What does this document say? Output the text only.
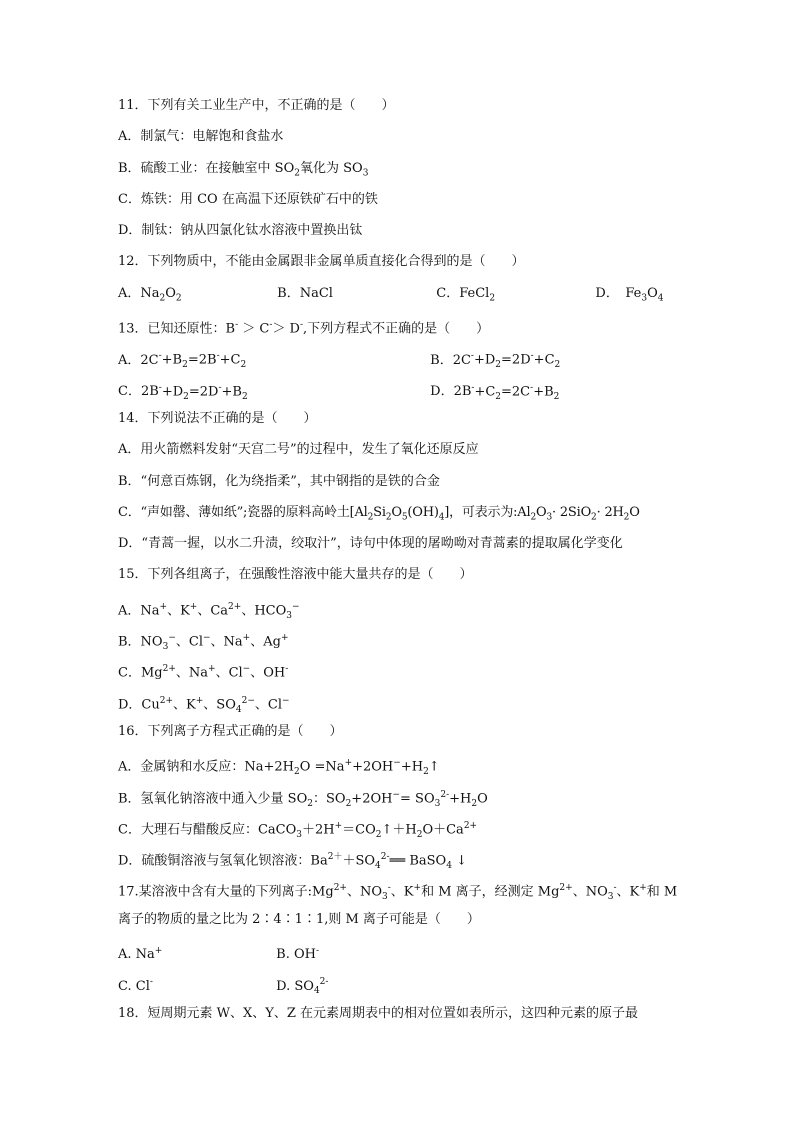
11．下列有关工业生产中，不正确的是（　　）
A．制氯气：电解饱和食盐水
B．硫酸工业：在接触室中 $SO_2$氧化为 $SO_3$
C．炼铁：用 CO 在高温下还原铁矿石中的铁
D．制钛：钠从四氯化钛水溶液中置换出钛
12．下列物质中，不能由金属跟非金属单质直接化合得到的是（　　）
A．$Na_2O_2$	B．NaCl	C．FeCl$_2$	D．　$Fe_3O_4$
13．已知还原性：B- ＞ C-＞ D-,下列方程式不正确的是（　　）
A．$2C^-+B_2=2B^-+C_2$	B．$2C^-+D_2=2D^-+C_2$
C．$2B^-+D_2=2D^-+B_2$	D．$2B^-+C_2=2C^-+B_2$
14．下列说法不正确的是（　　）
A．用火箭燃料发射“天宫二号”的过程中，发生了氧化还原反应
B．“何意百炼钢，化为绕指柔”，其中钢指的是铁的合金
C．“声如罄、薄如纸”;瓷器的原料高岭土$[Al_2Si_2O_5(OH)_4]$，可表示为$:Al_2O_3\cdot 2SiO_2\cdot 2H_2O$
D．“青蒿一握，以水二升渍，绞取汁”，诗句中体现的屠呦呦对青蒿素的提取属化学变化
15．下列各组离子，在强酸性溶液中能大量共存的是（　　）
A．Na+、K+、$Ca^{2+}$、$HCO_3^-$
B．$NO_3^-$、Cl−、Na+、Ag+
C．$Mg^{2+}$、Na+、Cl−、OH-
D．$Cu^{2+}$、K+、$SO_4^{2-}$、Cl−
16．下列离子方程式正确的是（　　）
A．金属钠和水反应：$Na+2H_2O$ $=Na^++2OH^-+H_2↑$
B．氢氧化钠溶液中通入少量 $SO_2$：$SO_2+2OH^-= SO_3^{2-}+H_2O$
C．大理石与醋酸反应：$CaCO_3+2H^+=CO_2↑+H_2O+Ca^{2+}$
D．硫酸铜溶液与氢氧化钡溶液：$Ba^{2+}+SO_4^{2-}══$ BaSO$_4$ ↓
17.某溶液中含有大量的下列离子$:Mg^{2+}$、$NO_3^-$、K+和 M 离子，经测定 $Mg^{2+}$、$NO_3^-$、K+和 M
离子的物质的量之比为 2∶4∶1∶1,则 M 离子可能是（　　）
A. Na+	B. OH-
C. Cl-	D. $SO_4^{2-}$
18．短周期元素 W、X、Y、Z 在元素周期表中的相对位置如表所示，这四种元素的原子最
